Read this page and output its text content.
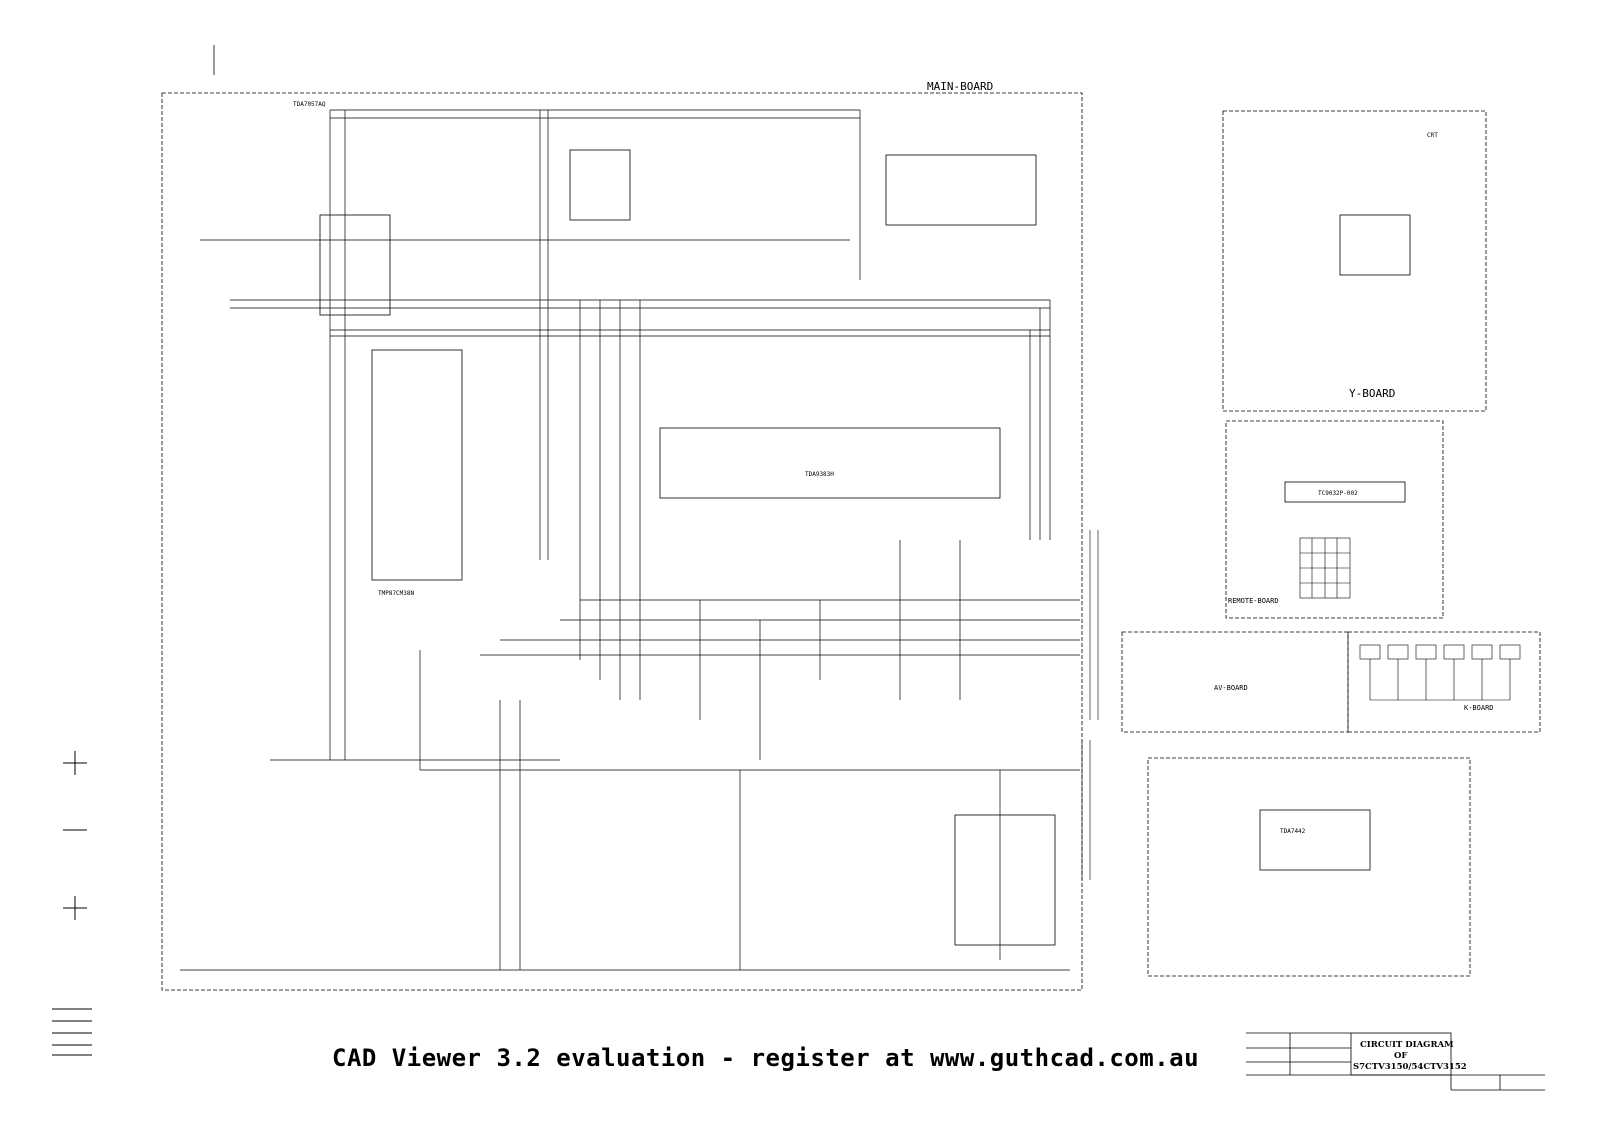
MAIN-BOARD
Y-BOARD
REMOTE-BOARD
AV-BOARD
K-BOARD
TDA7057AQ
CRT
TDA9383H
TDA7442
TC9032P-002
TMP87CM38N
CIRCUIT DIAGRAM
OF
S7CTV3150/54CTV3152
CAD Viewer 3.2 evaluation - register at www.guthcad.com.au
